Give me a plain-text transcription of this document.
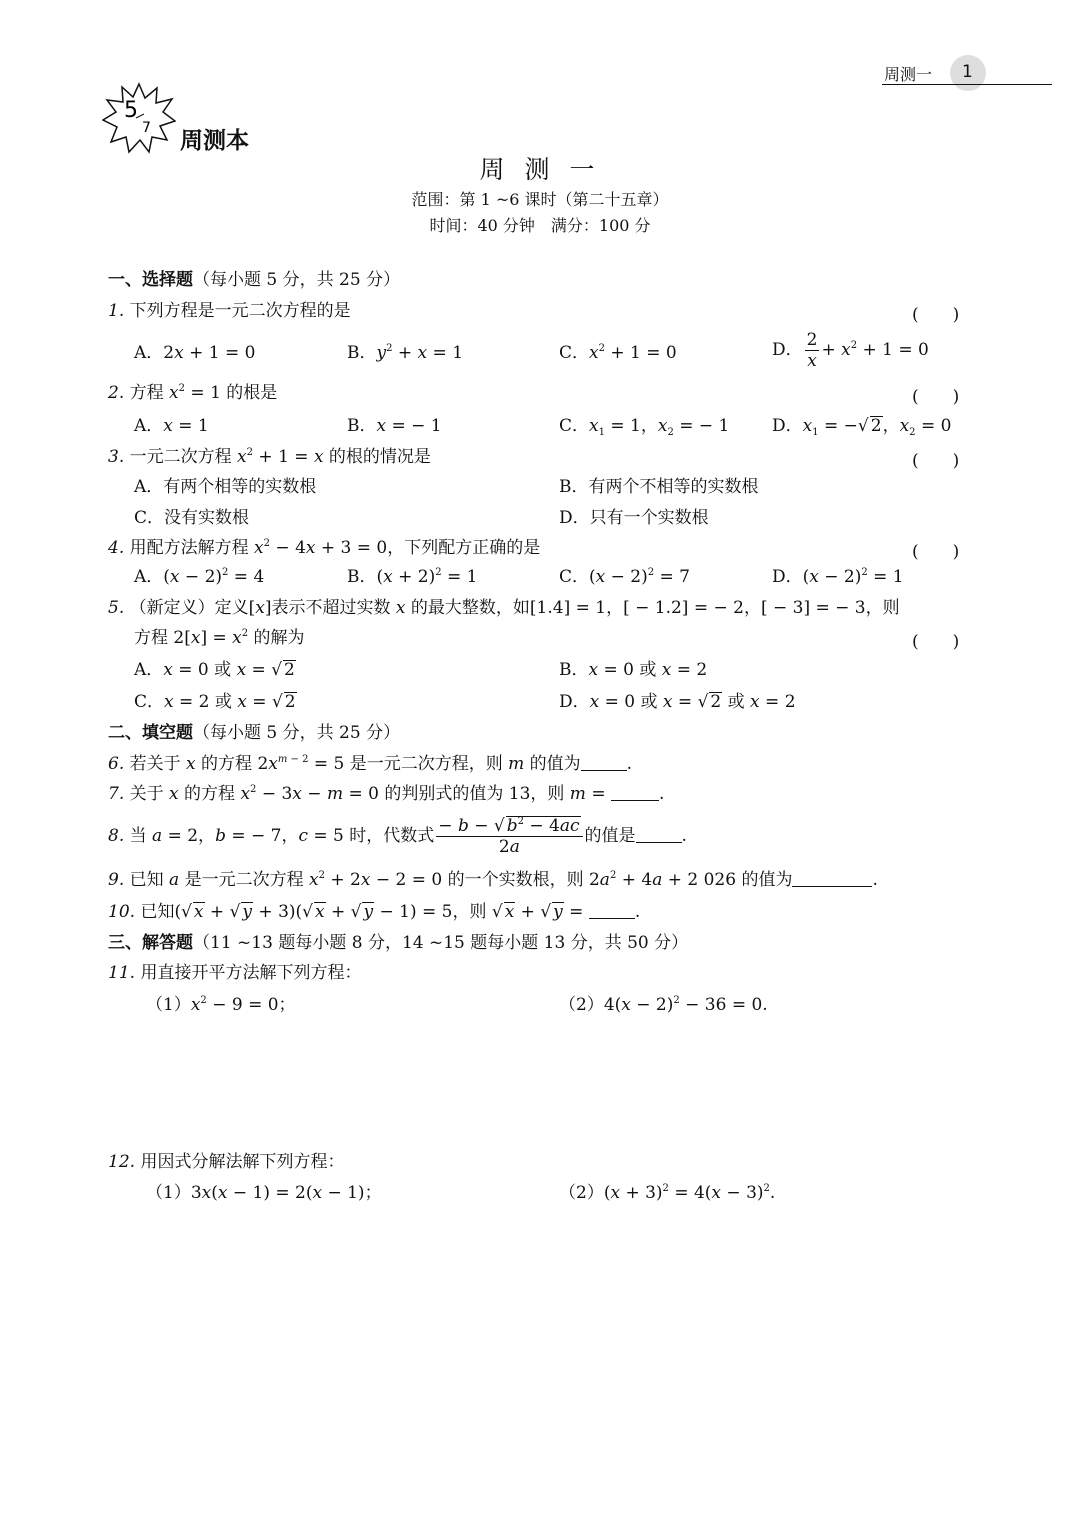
周测一 1
5
7 周测本
周 测 一
范围：第 1 ~6 课时（第二十五章）
时间：40 分钟　满分：100 分
一、选择题（每小题 5 分，共 25 分）
1. 下列方程是一元二次方程的是	(　　)
A．2x + 1 = 0	B．$y^2 + x = 1$	C．$x^2 + 1 = 0$	D． $\frac{2}{x} + x^2 + 1 = 0$
2. 方程 $x^2 = 1$ 的根是	(　　)
A．x = 1	B．x = − 1	C．$x_1 = 1$，$x_2$ = − 1	D．$x_1$ = −√ 2，$x_2 = 0$
3. 一元二次方程 $x^2 + 1 = x$ 的根的情况是	(　　)
A．有两个相等的实数根	B．有两个不相等的实数根
C．没有实数根	D．只有一个实数根
4. 用配方法解方程 $x^2 - 4x + 3 = 0$，下列配方正确的是	(　　)
A．$(x - 2)^2 = 4$	B．$(x + 2)^2 = 1$	C．$(x - 2)^2 = 7$	D．$(x - 2)^2 = 1$
5. （新定义）定义[x]表示不超过实数 x 的最大整数，如[1.4] = 1，[ − 1.2] = − 2，[ − 3] = − 3，则
方程 $2[x] = x^2$ 的解为	(　　)
A．x = 0 或 x = √ 2	B．x = 0 或 x = 2
C．x = 2 或 x = √ 2	D．x = 0 或 x = √ 2 或 x = 2
二、填空题（每小题 5 分，共 25 分）
6. 若关于 x 的方程 $2x^{m - 2} = 5$ 是一元二次方程，则 m 的值为	.
7. 关于 x 的方程 $x^2 - 3x - m = 0$ 的判别式的值为 13，则 m =	.
8. 当 a = 2，b = − 7，c = 5 时，代数式 $\frac{- b - √ b^2 - 4ac}{2a}$ 的值是	.
9. 已知 a 是一元二次方程 $x^2 + 2x - 2 = 0$ 的一个实数根，则 $2a^2 + 4a + 2$ 026 的值为	.
10. 已知(√ x + √ y + 3)(√ x + √ y − 1) = 5，则 √ x + √ y =	.
三、解答题（11 ~13 题每小题 8 分，14 ~15 题每小题 13 分，共 50 分）
11. 用直接开平方法解下列方程：
$(1)x^2 - 9 = 0$；	$(2)4(x - 2)^2 - 36 = 0$.
12. 用因式分解法解下列方程：
（1）3x(x − 1) = 2(x − 1)；	$(2)(x + 3)^2 = 4(x - 3)^2$.
